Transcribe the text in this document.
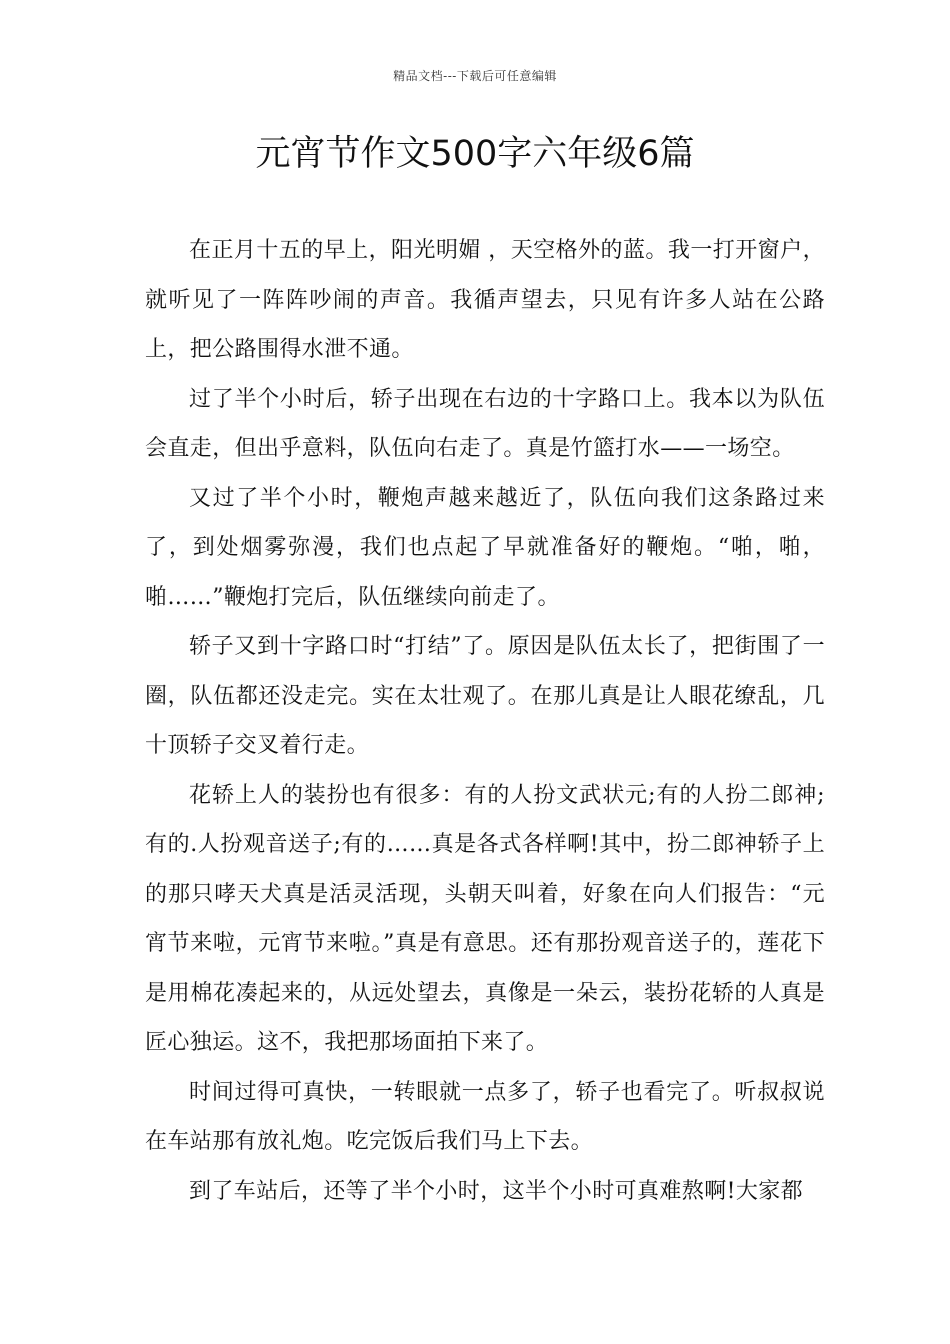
精品文档---下载后可任意编辑
元宵节作文500字六年级6篇

在正月十五的早上，阳光明媚 ，天空格外的蓝。我一打开窗户，就听见了一阵阵吵闹的声音。我循声望去，只见有许多人站在公路上，把公路围得水泄不通。

过了半个小时后，轿子出现在右边的十字路口上。我本以为队伍会直走，但出乎意料，队伍向右走了。真是竹篮打水——一场空。

又过了半个小时，鞭炮声越来越近了，队伍向我们这条路过来了，到处烟雾弥漫，我们也点起了早就准备好的鞭炮。“啪，啪，啪……”鞭炮打完后，队伍继续向前走了。

轿子又到十字路口时“打结”了。原因是队伍太长了，把街围了一圈，队伍都还没走完。实在太壮观了。在那儿真是让人眼花缭乱，几十顶轿子交叉着行走。

花轿上人的装扮也有很多：有的人扮文武状元;有的人扮二郎神;有的.人扮观音送子;有的……真是各式各样啊!其中，扮二郎神轿子上的那只哮天犬真是活灵活现，头朝天叫着，好象在向人们报告：“元宵节来啦，元宵节来啦。”真是有意思。还有那扮观音送子的，莲花下是用棉花凑起来的，从远处望去，真像是一朵云，装扮花轿的人真是匠心独运。这不，我把那场面拍下来了。

时间过得可真快，一转眼就一点多了，轿子也看完了。听叔叔说在车站那有放礼炮。吃完饭后我们马上下去。

到了车站后，还等了半个小时，这半个小时可真难熬啊!大家都
